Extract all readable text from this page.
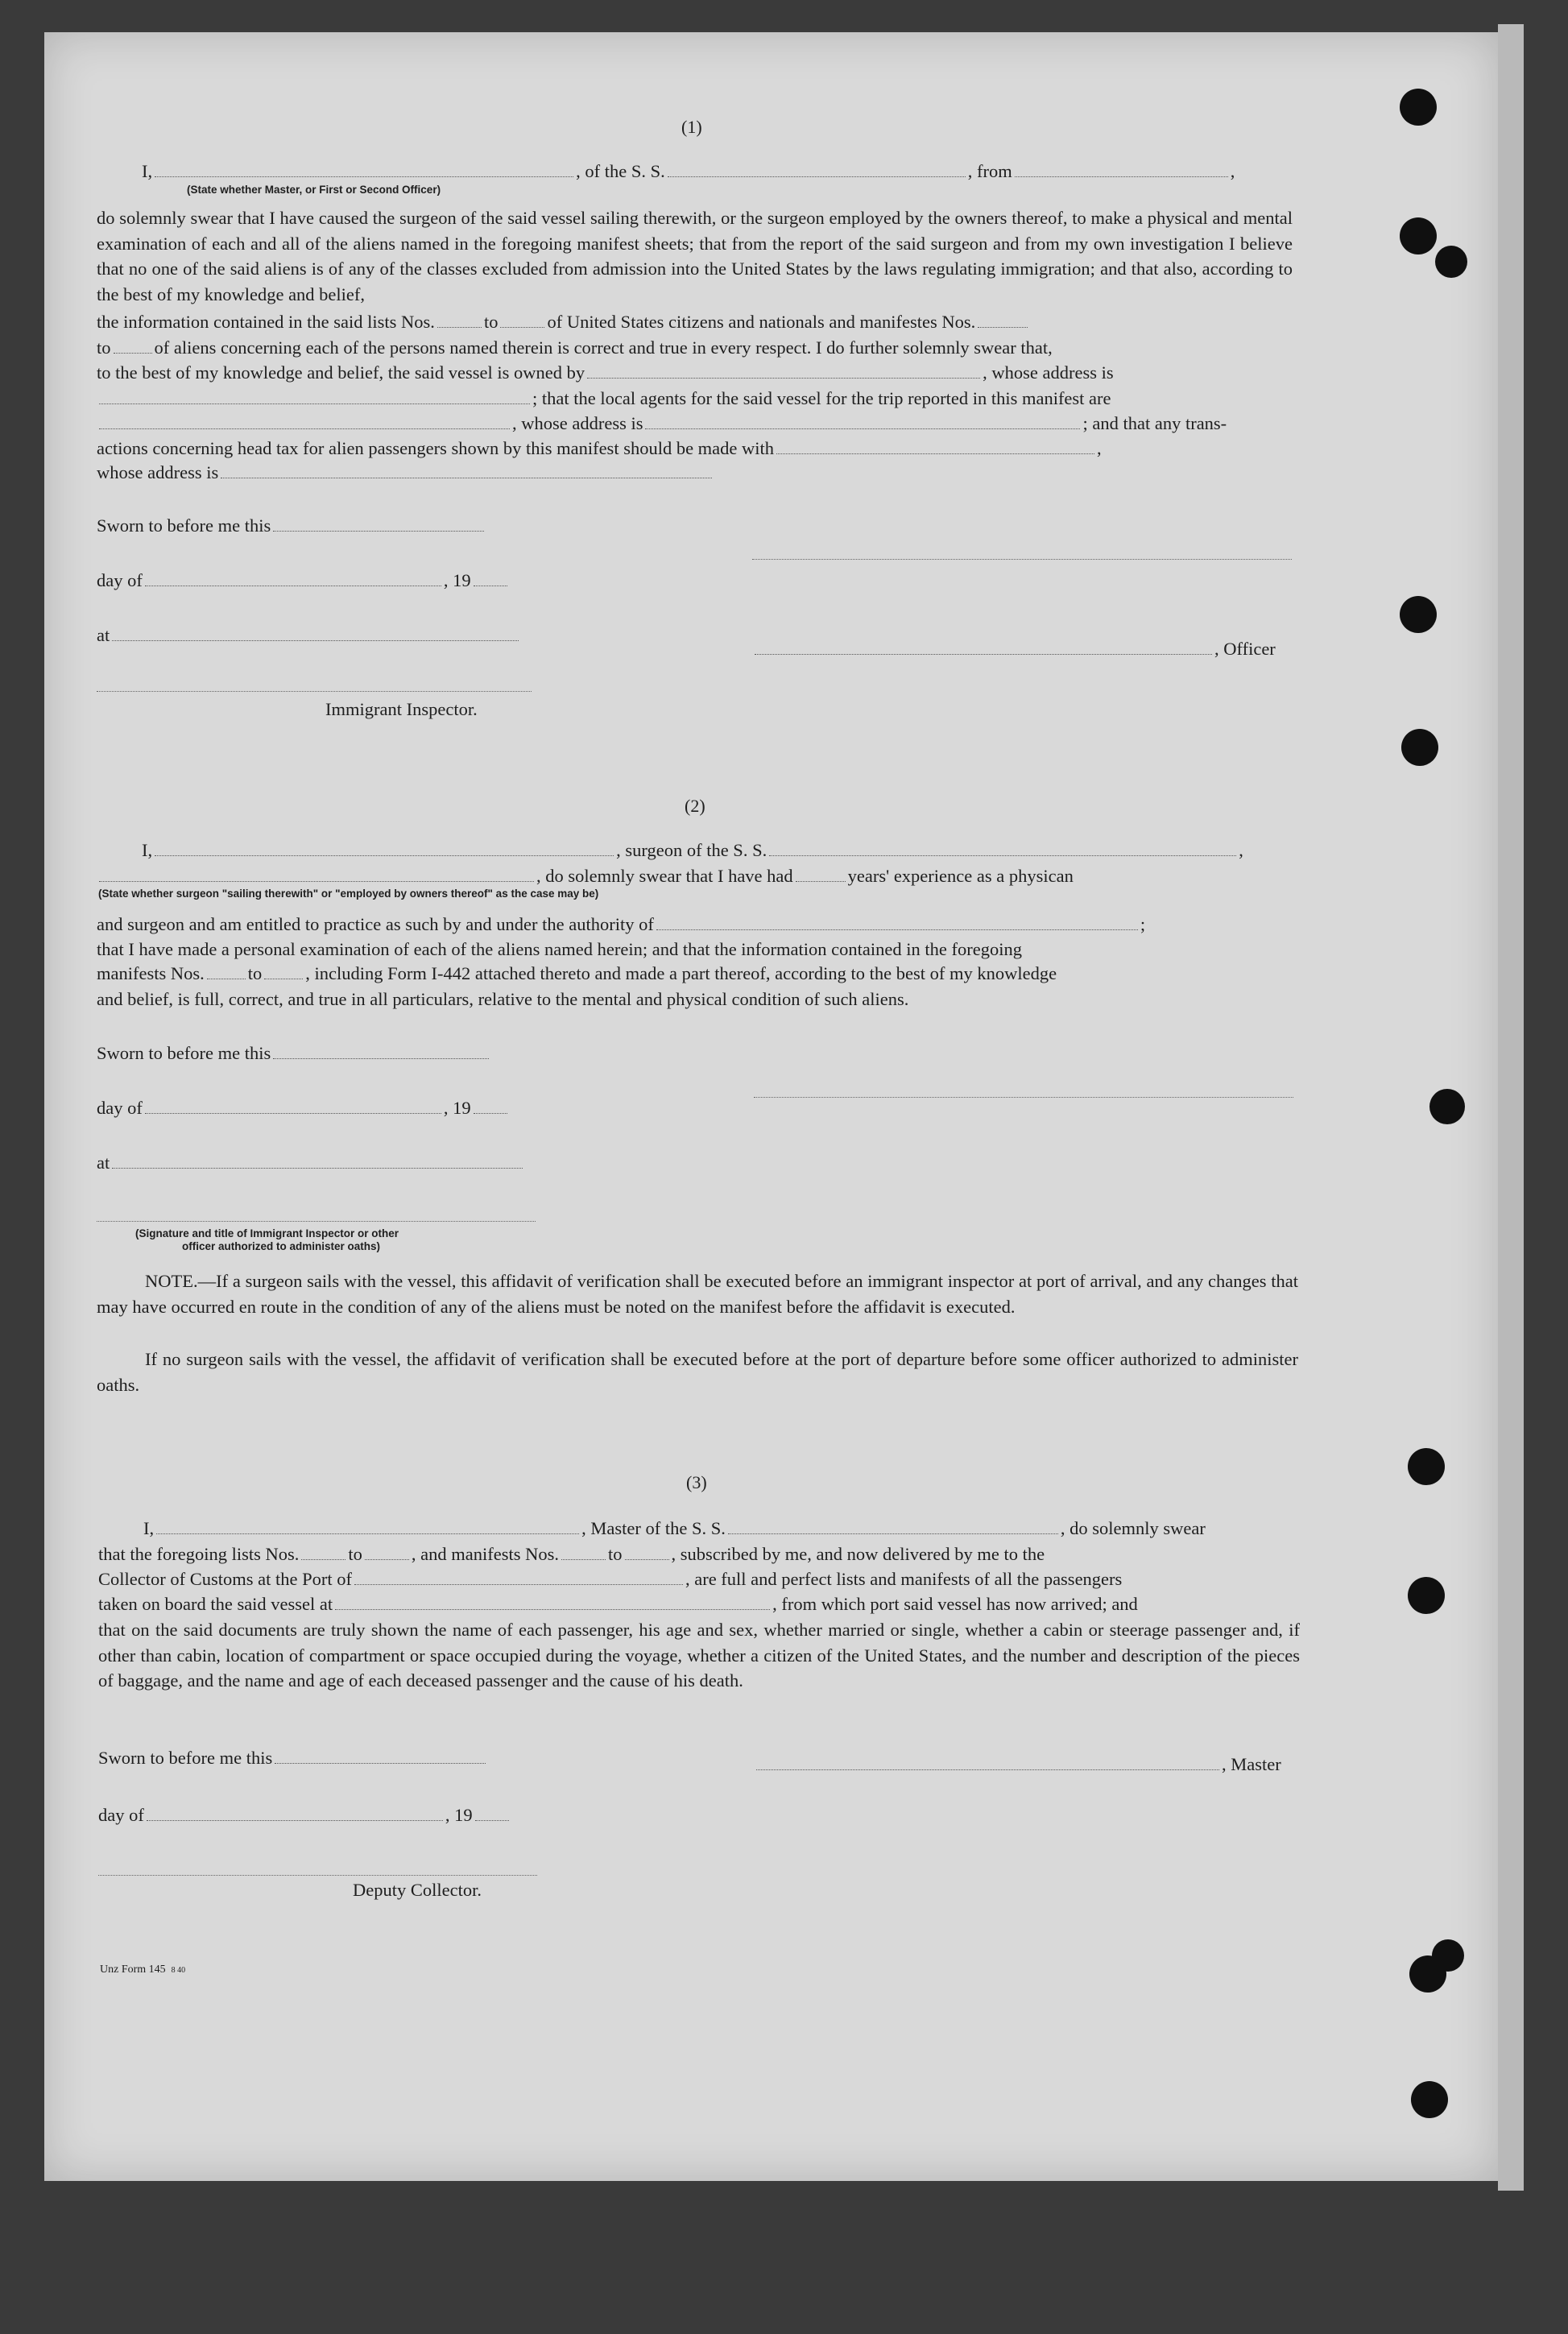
(1)
I,	, of the S. S.	, from	,
(State whether Master, or First or Second Officer)
do solemnly swear that I have caused the surgeon of the said vessel sailing therewith, or the surgeon employed by the owners thereof, to make a physical and mental examination of each and all of the aliens named in the foregoing manifest sheets; that from the report of the said surgeon and from my own investigation I believe that no one of the said aliens is of any of the classes excluded from admission into the United States by the laws regulating immigration; and that also, according to the best of my knowledge and belief,
the information contained in the said lists Nos.	to	of United States citizens and nationals and manifestes Nos.
to of aliens concerning each of the persons named therein is correct and true in every respect. I do further solemnly swear that,
to the best of my knowledge and belief, the said vessel is owned by	, whose address is
; that the local agents for the said vessel for the trip reported in this manifest are
, whose address is	; and that any trans-
actions concerning head tax for alien passengers shown by this manifest should be made with	,
whose address is
Sworn to before me this
day of	, 19
at
, Officer
Immigrant Inspector.
(2)
I,	, surgeon of the S. S.	,
, do solemnly swear that I have had	years' experience as a physican
(State whether surgeon "sailing therewith" or "employed by owners thereof" as the case may be)
and surgeon and am entitled to practice as such by and under the authority of	;
that I have made a personal examination of each of the aliens named herein; and that the information contained in the foregoing
manifests Nos. to , including Form I-442 attached thereto and made a part thereof, according to the best of my knowledge
and belief, is full, correct, and true in all particulars, relative to the mental and physical condition of such aliens.
Sworn to before me this
day of	, 19
at
(Signature and title of Immigrant Inspector or other
officer authorized to administer oaths)
NOTE.—If a surgeon sails with the vessel, this affidavit of verification shall be executed before an immigrant inspector at port of arrival, and any changes that may have occurred en route in the condition of any of the aliens must be noted on the manifest before the affidavit is executed.
If no surgeon sails with the vessel, the affidavit of verification shall be executed before at the port of departure before some officer authorized to administer oaths.
(3)
I,	, Master of the S. S.	, do solemnly swear
that the foregoing lists Nos.	to	, and manifests Nos.	to	, subscribed by me, and now delivered by me to the
Collector of Customs at the Port of	, are full and perfect lists and manifests of all the passengers
taken on board the said vessel at	, from which port said vessel has now arrived; and
that on the said documents are truly shown the name of each passenger, his age and sex, whether married or single, whether a cabin or steerage passenger and, if other than cabin, location of compartment or space occupied during the voyage, whether a citizen of the United States, and the number and description of the pieces of baggage, and the name and age of each deceased passenger and the cause of his death.
Sworn to before me this	, Master
day of	, 19
Deputy Collector.
Unz Form 145 8 40
